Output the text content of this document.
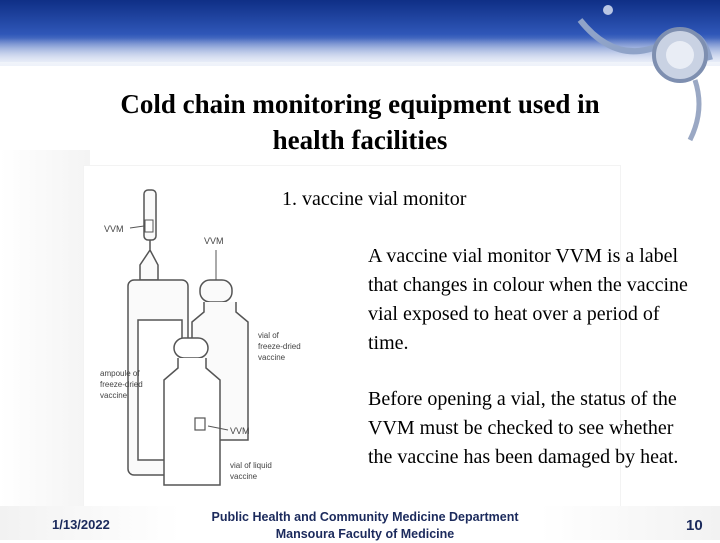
Cold chain monitoring equipment used in
health facilities
1. vaccine vial monitor
VVM
VVM
vial of
freeze-dried
vaccine
ampoule of
freeze-dried
vaccine
VVM
vial of liquid
vaccine
A vaccine vial monitor VVM is a label that changes in colour when the vaccine vial exposed to heat over a period of time.
Before opening a vial, the status of the VVM must be checked to see whether the vaccine has been damaged by heat.
1/13/2022	Public Health and Community Medicine Department
Mansoura Faculty of Medicine	10
